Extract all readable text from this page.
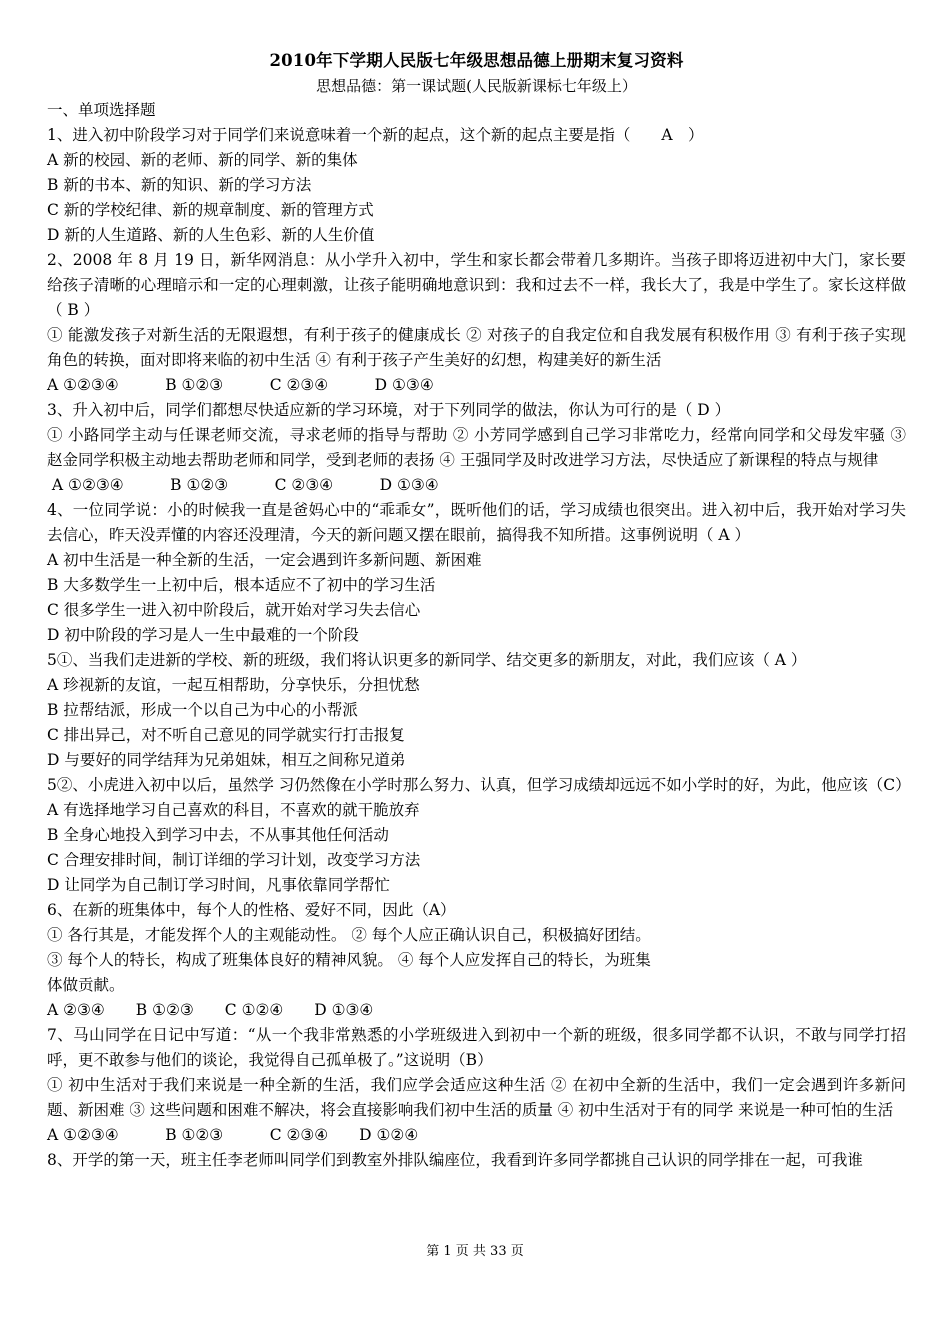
2010年下学期人民版七年级思想品德上册期末复习资料

思想品德：第一课试题(人民版新课标七年级上）

一、单项选择题

1、进入初中阶段学习对于同学们来说意味着一个新的起点，这个新的起点主要是指（　　A　）

A 新的校园、新的老师、新的同学、新的集体

B 新的书本、新的知识、新的学习方法

C 新的学校纪律、新的规章制度、新的管理方式

D 新的人生道路、新的人生色彩、新的人生价值

2、2008 年 8 月 19 日，新华网消息：从小学升入初中，学生和家长都会带着几多期许。当孩子即将迈进初中大门，家长要给孩子清晰的心理暗示和一定的心理刺激，让孩子能明确地意识到：我和过去不一样，我长大了，我是中学生了。家长这样做（ B ）

① 能激发孩子对新生活的无限遐想，有利于孩子的健康成长 ② 对孩子的自我定位和自我发展有积极作用 ③ 有利于孩子实现角色的转换，面对即将来临的初中生活 ④ 有利于孩子产生美好的幻想，构建美好的新生活

A ①②③④　　　B ①②③　　　C ②③④　　　D ①③④

3、升入初中后，同学们都想尽快适应新的学习环境，对于下列同学的做法，你认为可行的是（ D ）

① 小路同学主动与任课老师交流，寻求老师的指导与帮助 ② 小芳同学感到自己学习非常吃力，经常向同学和父母发牢骚 ③ 赵金同学积极主动地去帮助老师和同学，受到老师的表扬 ④ 王强同学及时改进学习方法，尽快适应了新课程的特点与规律

A ①②③④　　　B ①②③　　　C ②③④　　　D ①③④

4、一位同学说：小的时候我一直是爸妈心中的“乖乖女”，既听他们的话，学习成绩也很突出。进入初中后，我开始对学习失去信心，昨天没弄懂的内容还没理清，今天的新问题又摆在眼前，搞得我不知所措。这事例说明（ A ）

A 初中生活是一种全新的生活，一定会遇到许多新问题、新困难

B 大多数学生一上初中后，根本适应不了初中的学习生活

C 很多学生一进入初中阶段后，就开始对学习失去信心

D 初中阶段的学习是人一生中最难的一个阶段

5①、当我们走进新的学校、新的班级，我们将认识更多的新同学、结交更多的新朋友，对此，我们应该（ A ）

A 珍视新的友谊，一起互相帮助，分享快乐，分担忧愁

B 拉帮结派，形成一个以自己为中心的小帮派

C 排出异己，对不听自己意见的同学就实行打击报复

D 与要好的同学结拜为兄弟姐妹，相互之间称兄道弟

5②、小虎进入初中以后，虽然学 习仍然像在小学时那么努力、认真，但学习成绩却远远不如小学时的好，为此，他应该（C）

A 有选择地学习自己喜欢的科目，不喜欢的就干脆放弃

B 全身心地投入到学习中去，不从事其他任何活动

C 合理安排时间，制订详细的学习计划，改变学习方法

D 让同学为自己制订学习时间，凡事依靠同学帮忙

6、在新的班集体中，每个人的性格、爱好不同，因此（A）

① 各行其是，才能发挥个人的主观能动性。 ② 每个人应正确认识自己，积极搞好团结。

③ 每个人的特长，构成了班集体良好的精神风貌。 ④ 每个人应发挥自己的特长，为班集

体做贡献。

A ②③④　　B ①②③　　C ①②④　　D ①③④

7、马山同学在日记中写道：“从一个我非常熟悉的小学班级进入到初中一个新的班级，很多同学都不认识，不敢与同学打招呼，更不敢参与他们的谈论，我觉得自己孤单极了。”这说明（B）

① 初中生活对于我们来说是一种全新的生活，我们应学会适应这种生活 ② 在初中全新的生活中，我们一定会遇到许多新问题、新困难 ③ 这些问题和困难不解决，将会直接影响我们初中生活的质量 ④ 初中生活对于有的同学 来说是一种可怕的生活

A ①②③④　　　B ①②③　　　C ②③④　　D ①②④

8、开学的第一天，班主任李老师叫同学们到教室外排队编座位，我看到许多同学都挑自己认识的同学排在一起，可我谁

第 1 页 共 33 页
